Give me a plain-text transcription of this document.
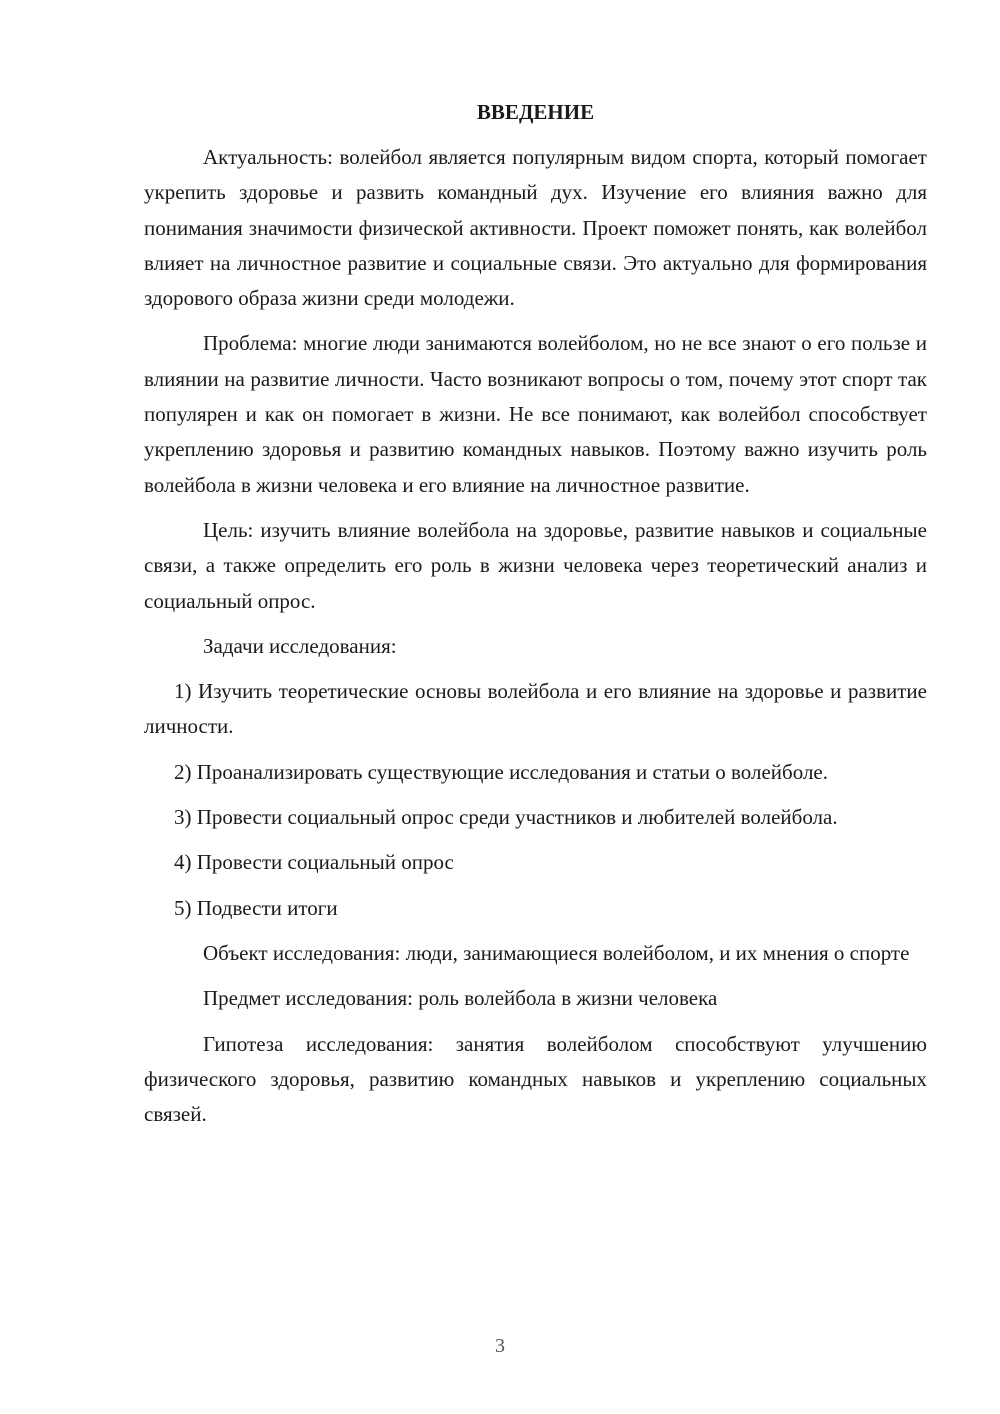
ВВЕДЕНИЕ

Актуальность: волейбол является популярным видом спорта, который помогает укрепить здоровье и развить командный дух. Изучение его влияния важно для понимания значимости физической активности. Проект поможет понять, как волейбол влияет на личностное развитие и социальные связи. Это актуально для формирования здорового образа жизни среди молодежи.

Проблема: многие люди занимаются волейболом, но не все знают о его пользе и влиянии на развитие личности. Часто возникают вопросы о том, почему этот спорт так популярен и как он помогает в жизни. Не все понимают, как волейбол способствует укреплению здоровья и развитию командных навыков. Поэтому важно изучить роль волейбола в жизни человека и его влияние на личностное развитие.

Цель: изучить влияние волейбола на здоровье, развитие навыков и социальные связи, а также определить его роль в жизни человека через теоретический анализ и социальный опрос.

Задачи исследования:

1) Изучить теоретические основы волейбола и его влияние на здоровье и развитие личности.

2) Проанализировать существующие исследования и статьи о волейболе.

3) Провести социальный опрос среди участников и любителей волейбола.

4) Провести социальный опрос

5) Подвести итоги

Объект исследования: люди, занимающиеся волейболом, и их мнения о спорте

Предмет исследования: роль волейбола в жизни человека

Гипотеза исследования: занятия волейболом способствуют улучшению физического здоровья, развитию командных навыков и укреплению социальных связей.

3
